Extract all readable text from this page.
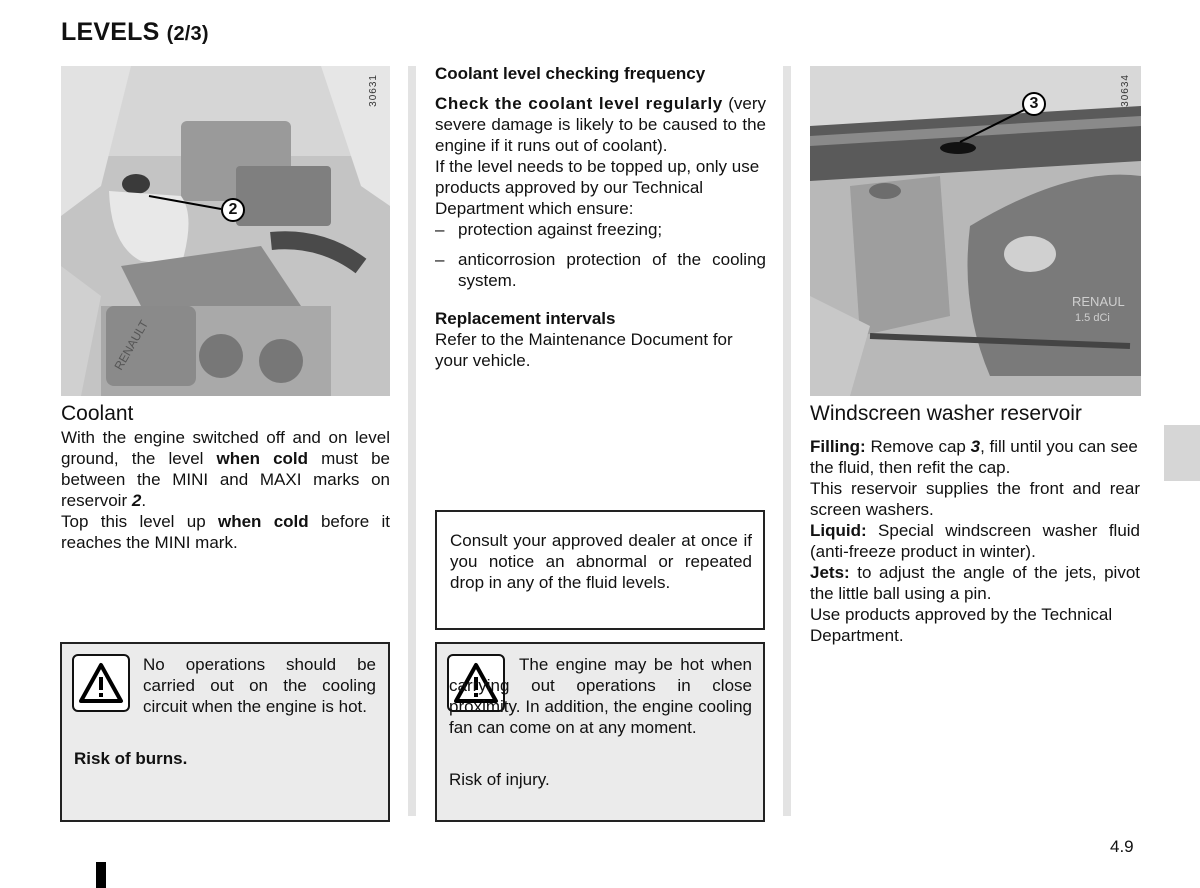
LEVELS (2/3)
RENAULT
30631
2
Coolant
With the engine switched off and on level ground, the level when cold must be between the MINI and MAXI marks on reservoir 2.
Top this level up when cold before it reaches the MINI mark.
No operations should be carried out on the cooling circuit when the engine is hot.
Risk of burns.

Coolant level checking frequency

Check the coolant level regularly (very severe damage is likely to be caused to the engine if it runs out of coolant).

If the level needs to be topped up, only use products approved by our Technical Department which ensure:

– protection against freezing;
– anticorrosion protection of the cooling system.

Replacement intervals

Refer to the Maintenance Document for your vehicle.

Consult your approved dealer at once if you notice an abnormal or repeated drop in any of the fluid levels.
The engine may be hot when carrying out operations in close proximity. In addition, the engine cooling fan can come on at any moment.
Risk of injury.
RENAUL
1.5 dCi
30634
3
Windscreen washer reservoir

Filling: Remove cap 3, fill until you can see the fluid, then refit the cap.

This reservoir supplies the front and rear screen washers.

Liquid: Special windscreen washer fluid (anti-freeze product in winter).

Jets: to adjust the angle of the jets, pivot the little ball using a pin.

Use products approved by the Technical Department.

4.9
